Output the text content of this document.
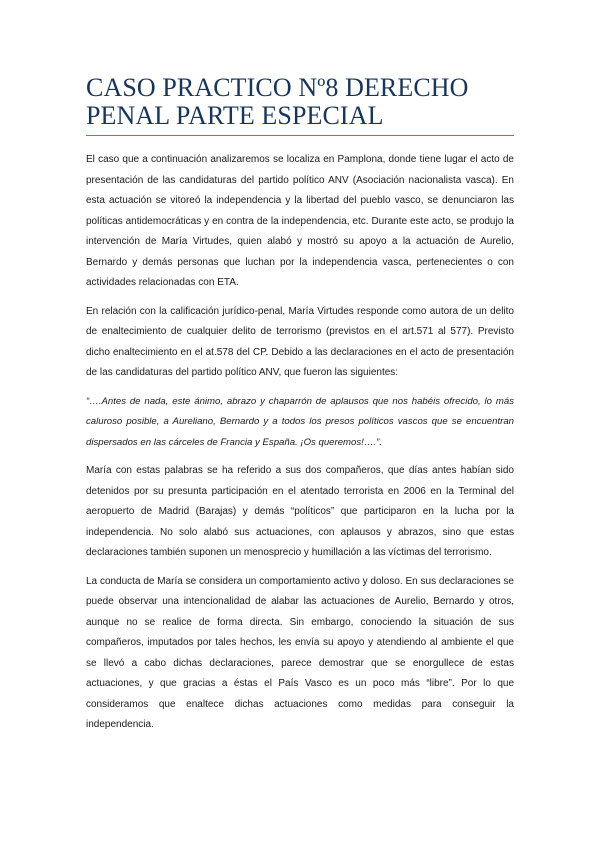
CASO PRACTICO Nº8 DERECHO PENAL PARTE ESPECIAL

El caso que a continuación analizaremos se localiza en Pamplona, donde tiene lugar el acto de presentación de las candidaturas del partido político ANV (Asociación nacionalista vasca). En esta actuación se vitoreó la independencia y la libertad del pueblo vasco, se denunciaron las políticas antidemocráticas y en contra de la independencia, etc. Durante este acto, se produjo la intervención de María Virtudes, quien alabó y mostró su apoyo a la actuación de Aurelio, Bernardo y demás personas que luchan por la independencia vasca, pertenecientes o con actividades relacionadas con ETA.

En relación con la calificación jurídico-penal, María Virtudes responde como autora de un delito de enaltecimiento de cualquier delito de terrorismo (previstos en el art.571 al 577). Previsto dicho enaltecimiento en el at.578 del CP. Debido a las declaraciones en el acto de presentación de las candidaturas del partido político ANV, que fueron las siguientes:

“….Antes de nada, este ánimo, abrazo y chaparrón de aplausos que nos habéis ofrecido, lo más caluroso posible, a Aureliano, Bernardo y a todos los presos políticos vascos que se encuentran dispersados en las cárceles de Francia y España. ¡Os queremos!….”.

María con estas palabras se ha referido a sus dos compañeros, que días antes habían sido detenidos por su presunta participación en el atentado terrorista en 2006 en la Terminal del aeropuerto de Madrid (Barajas) y demás “políticos” que participaron en la lucha por la independencia. No solo alabó sus actuaciones, con aplausos y abrazos, sino que estas declaraciones también suponen un menosprecio y humillación a las víctimas del terrorismo.

La conducta de María se considera un comportamiento activo y doloso. En sus declaraciones se puede observar una intencionalidad de alabar las actuaciones de Aurelio, Bernardo y otros, aunque no se realice de forma directa. Sin embargo, conociendo la situación de sus compañeros, imputados por tales hechos, les envía su apoyo y atendiendo al ambiente el que se llevó a cabo dichas declaraciones, parece demostrar que se enorgullece de estas actuaciones, y que gracias a éstas el País Vasco es un poco más “libre”. Por lo que consideramos que enaltece dichas actuaciones como medidas para conseguir la independencia.
